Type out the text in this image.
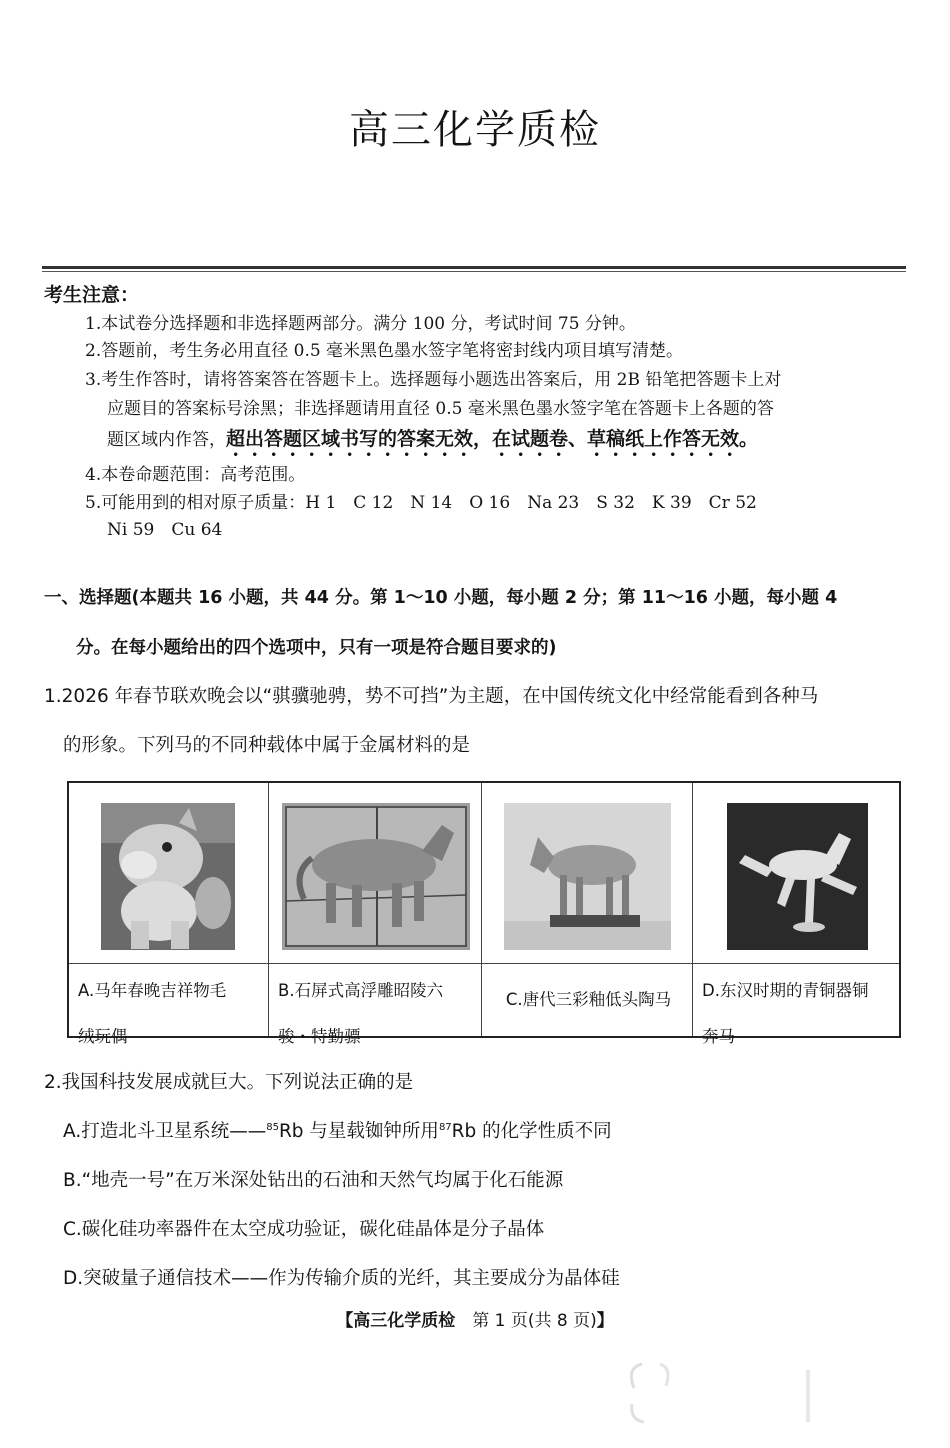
高三化学质检
考生注意：
1.本试卷分选择题和非选择题两部分。满分 100 分，考试时间 75 分钟。
2.答题前，考生务必用直径 0.5 毫米黑色墨水签字笔将密封线内项目填写清楚。
3.考生作答时，请将答案答在答题卡上。选择题每小题选出答案后，用 2B 铅笔把答题卡上对
应题目的答案标号涂黑；非选择题请用直径 0.5 毫米黑色墨水签字笔在答题卡上各题的答
题区域内作答，超出答题区域书写的答案无效，在试题卷、草稿纸上作答无效。
4.本卷命题范围：高考范围。
5.可能用到的相对原子质量：H 1　C 12　N 14　O 16　Na 23　S 32　K 39　Cr 52
Ni 59　Cu 64
一、选择题(本题共 16 小题，共 44 分。第 1～10 小题，每小题 2 分；第 11～16 小题，每小题 4
分。在每小题给出的四个选项中，只有一项是符合题目要求的)
1.2026 年春节联欢晚会以“骐骥驰骋，势不可挡”为主题，在中国传统文化中经常能看到各种马
的形象。下列马的不同种载体中属于金属材料的是
A.马年春晚吉祥物毛
绒玩偶
B.石屏式高浮雕昭陵六
骏・特勤骠
C.唐代三彩釉低头陶马	D.东汉时期的青铜器铜
奔马
2.我国科技发展成就巨大。下列说法正确的是
A.打造北斗卫星系统——$^{85}$Rb 与星载铷钟所用$^{87}$Rb 的化学性质不同
B.“地壳一号”在万米深处钻出的石油和天然气均属于化石能源
C.碳化硅功率器件在太空成功验证，碳化硅晶体是分子晶体
D.突破量子通信技术——作为传输介质的光纤，其主要成分为晶体硅
【高三化学质检　第 1 页(共 8 页)】
